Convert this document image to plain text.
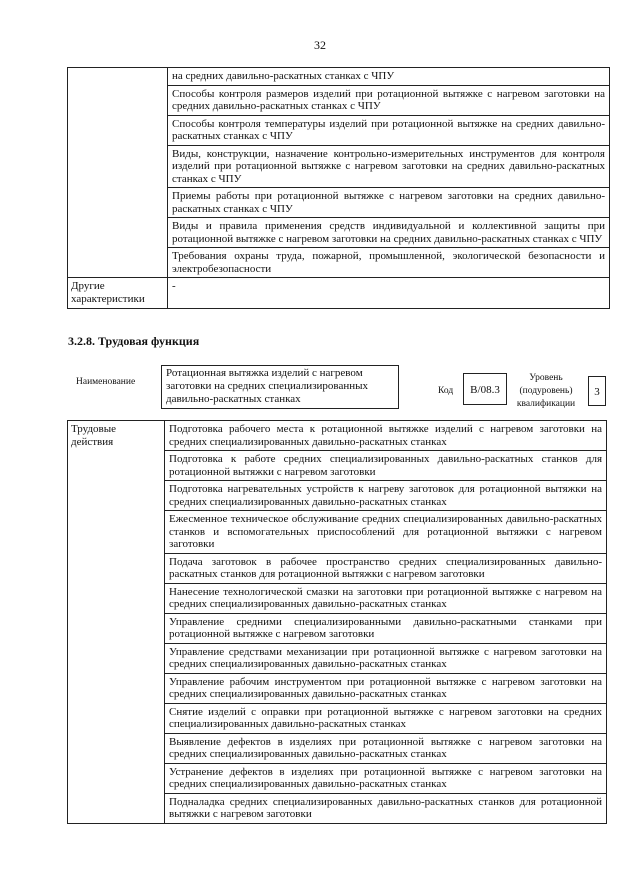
32
	на средних давильно-раскатных станках с ЧПУ
	Способы контроля размеров изделий при ротационной вытяжке с нагревом заготовки на средних давильно-раскатных станках с ЧПУ
	Способы контроля температуры изделий при ротационной вытяжке на средних давильно-раскатных станках с ЧПУ
	Виды, конструкции, назначение контрольно-измерительных инструментов для контроля изделий при ротационной вытяжке с нагревом заготовки на средних давильно-раскатных станках с ЧПУ
	Приемы работы при ротационной вытяжке с нагревом заготовки на средних давильно-раскатных станках с ЧПУ
	Виды и правила применения средств индивидуальной и коллективной защиты при ротационной вытяжке с нагревом заготовки на средних давильно-раскатных станках с ЧПУ
	Требования охраны труда, пожарной, промышленной, экологической безопасности и электробезопасности
Другие характеристики	-
3.2.8. Трудовая функция
Наименование
Ротационная вытяжка изделий с нагревом заготовки на средних специализированных давильно-раскатных станках
Код	B/08.3
Уровень (подуровень) квалификации
3
Трудовые действия	Подготовка рабочего места к ротационной вытяжке изделий с нагревом заготовки на средних специализированных давильно-раскатных станках
Подготовка к работе средних специализированных давильно-раскатных станков для ротационной вытяжки с нагревом заготовки
Подготовка нагревательных устройств к нагреву заготовок для ротационной вытяжки на средних специализированных давильно-раскатных станках
Ежесменное техническое обслуживание средних специализированных давильно-раскатных станков и вспомогательных приспособлений для ротационной вытяжки с нагревом заготовки
Подача заготовок в рабочее пространство средних специализированных давильно-раскатных станков для ротационной вытяжки с нагревом заготовки
Нанесение технологической смазки на заготовки при ротационной вытяжке с нагревом на средних специализированных давильно-раскатных станках
Управление средними специализированными давильно-раскатными станками при ротационной вытяжке с нагревом заготовки
Управление средствами механизации при ротационной вытяжке с нагревом заготовки на средних специализированных давильно-раскатных станках
Управление рабочим инструментом при ротационной вытяжке с нагревом заготовки на средних специализированных давильно-раскатных станках
Снятие изделий с оправки при ротационной вытяжке с нагревом заготовки на средних специализированных давильно-раскатных станках
Выявление дефектов в изделиях при ротационной вытяжке с нагревом заготовки на средних специализированных давильно-раскатных станках
Устранение дефектов в изделиях при ротационной вытяжке с нагревом заготовки на средних специализированных давильно-раскатных станках
Подналадка средних специализированных давильно-раскатных станков для ротационной вытяжки с нагревом заготовки
